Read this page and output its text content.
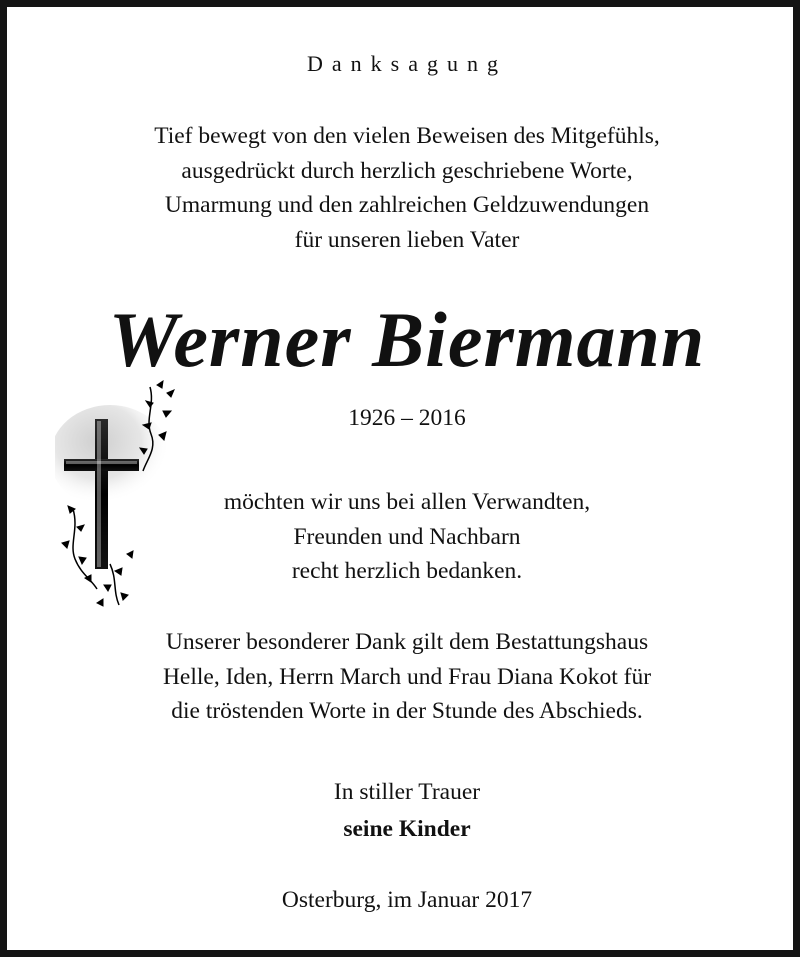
Danksagung
Tief bewegt von den vielen Beweisen des Mitgefühls,
ausgedrückt durch herzlich geschriebene Worte,
Umarmung und den zahlreichen Geldzuwendungen
für unseren lieben Vater
Werner Biermann
1926 – 2016
möchten wir uns bei allen Verwandten,
Freunden und Nachbarn
recht herzlich bedanken.
Unserer besonderer Dank gilt dem Bestattungshaus
Helle, Iden, Herrn March und Frau Diana Kokot für
die tröstenden Worte in der Stunde des Abschieds.
In stiller Trauer
seine Kinder
Osterburg, im Januar 2017
